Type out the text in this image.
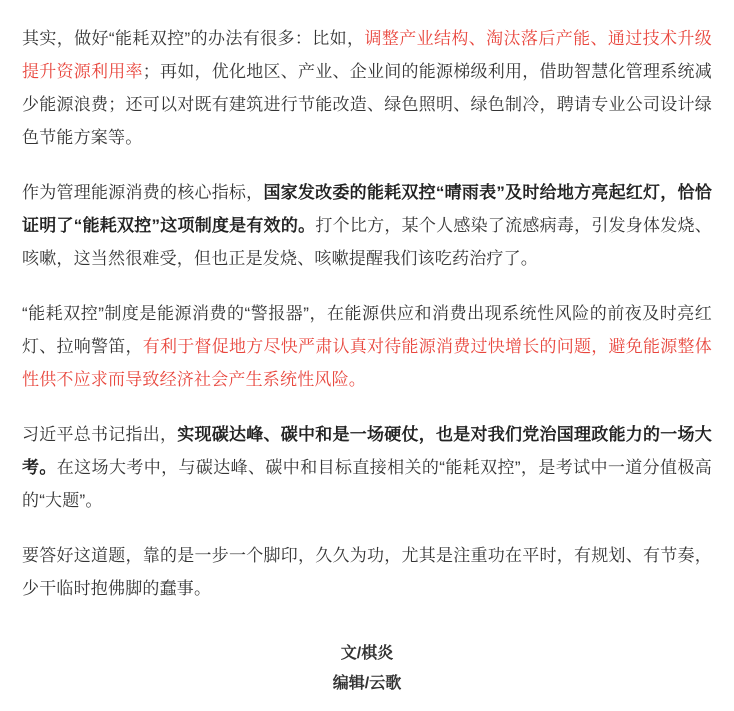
其实，做好“能耗双控”的办法有很多：比如，调整产业结构、淘汰落后产能、通过技术升级提升资源利用率；再如，优化地区、产业、企业间的能源梯级利用，借助智慧化管理系统减少能源浪费；还可以对既有建筑进行节能改造、绿色照明、绿色制冷，聘请专业公司设计绿色节能方案等。

作为管理能源消费的核心指标，国家发改委的能耗双控“晴雨表”及时给地方亮起红灯，恰恰证明了“能耗双控”这项制度是有效的。打个比方，某个人感染了流感病毒，引发身体发烧、咳嗽，这当然很难受，但也正是发烧、咳嗽提醒我们该吃药治疗了。

“能耗双控”制度是能源消费的“警报器”，在能源供应和消费出现系统性风险的前夜及时亮红灯、拉响警笛，有利于督促地方尽快严肃认真对待能源消费过快增长的问题，避免能源整体性供不应求而导致经济社会产生系统性风险。

习近平总书记指出，实现碳达峰、碳中和是一场硬仗，也是对我们党治国理政能力的一场大考。在这场大考中，与碳达峰、碳中和目标直接相关的“能耗双控”，是考试中一道分值极高的“大题”。

要答好这道题，靠的是一步一个脚印，久久为功，尤其是注重功在平时，有规划、有节奏，少干临时抱佛脚的蠢事。

文/棋炎
编辑/云歌
